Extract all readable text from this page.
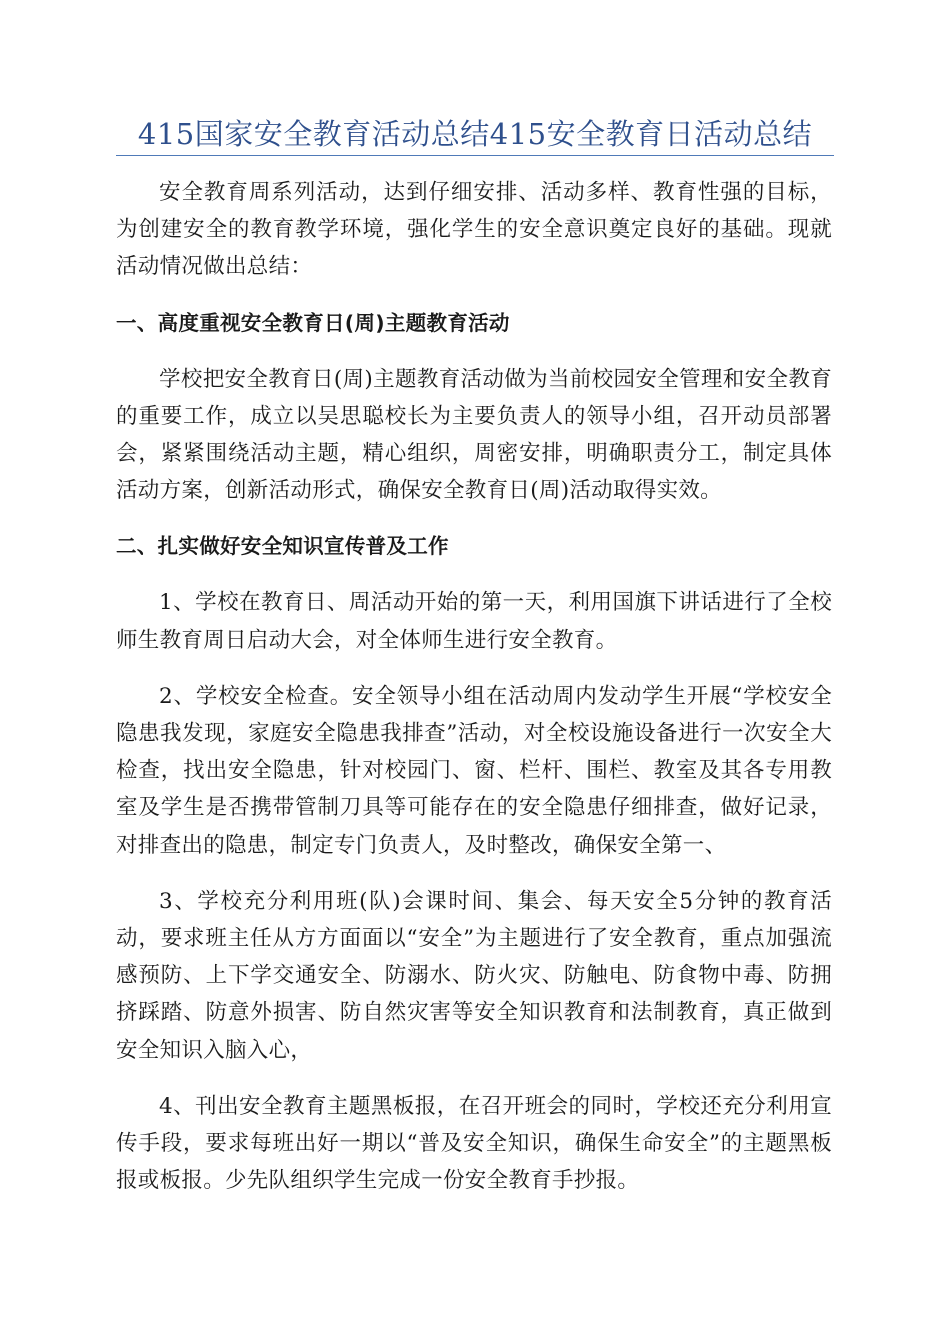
415国家安全教育活动总结415安全教育日活动总结

安全教育周系列活动，达到仔细安排、活动多样、教育性强的目标，为创建安全的教育教学环境，强化学生的安全意识奠定良好的基础。现就活动情况做出总结：

一、高度重视安全教育日(周)主题教育活动

学校把安全教育日(周)主题教育活动做为当前校园安全管理和安全教育的重要工作，成立以吴思聪校长为主要负责人的领导小组，召开动员部署会，紧紧围绕活动主题，精心组织，周密安排，明确职责分工，制定具体活动方案，创新活动形式，确保安全教育日(周)活动取得实效。

二、扎实做好安全知识宣传普及工作

1、学校在教育日、周活动开始的第一天，利用国旗下讲话进行了全校师生教育周日启动大会，对全体师生进行安全教育。

2、学校安全检查。安全领导小组在活动周内发动学生开展“学校安全隐患我发现，家庭安全隐患我排查”活动，对全校设施设备进行一次安全大检查，找出安全隐患，针对校园门、窗、栏杆、围栏、教室及其各专用教室及学生是否携带管制刀具等可能存在的安全隐患仔细排查，做好记录，对排查出的隐患，制定专门负责人，及时整改，确保安全第一、

3、学校充分利用班(队)会课时间、集会、每天安全5分钟的教育活动，要求班主任从方方面面以“安全”为主题进行了安全教育，重点加强流感预防、上下学交通安全、防溺水、防火灾、防触电、防食物中毒、防拥挤踩踏、防意外损害、防自然灾害等安全知识教育和法制教育，真正做到安全知识入脑入心，

4、刊出安全教育主题黑板报，在召开班会的同时，学校还充分利用宣传手段，要求每班出好一期以“普及安全知识，确保生命安全”的主题黑板报或板报。少先队组织学生完成一份安全教育手抄报。
